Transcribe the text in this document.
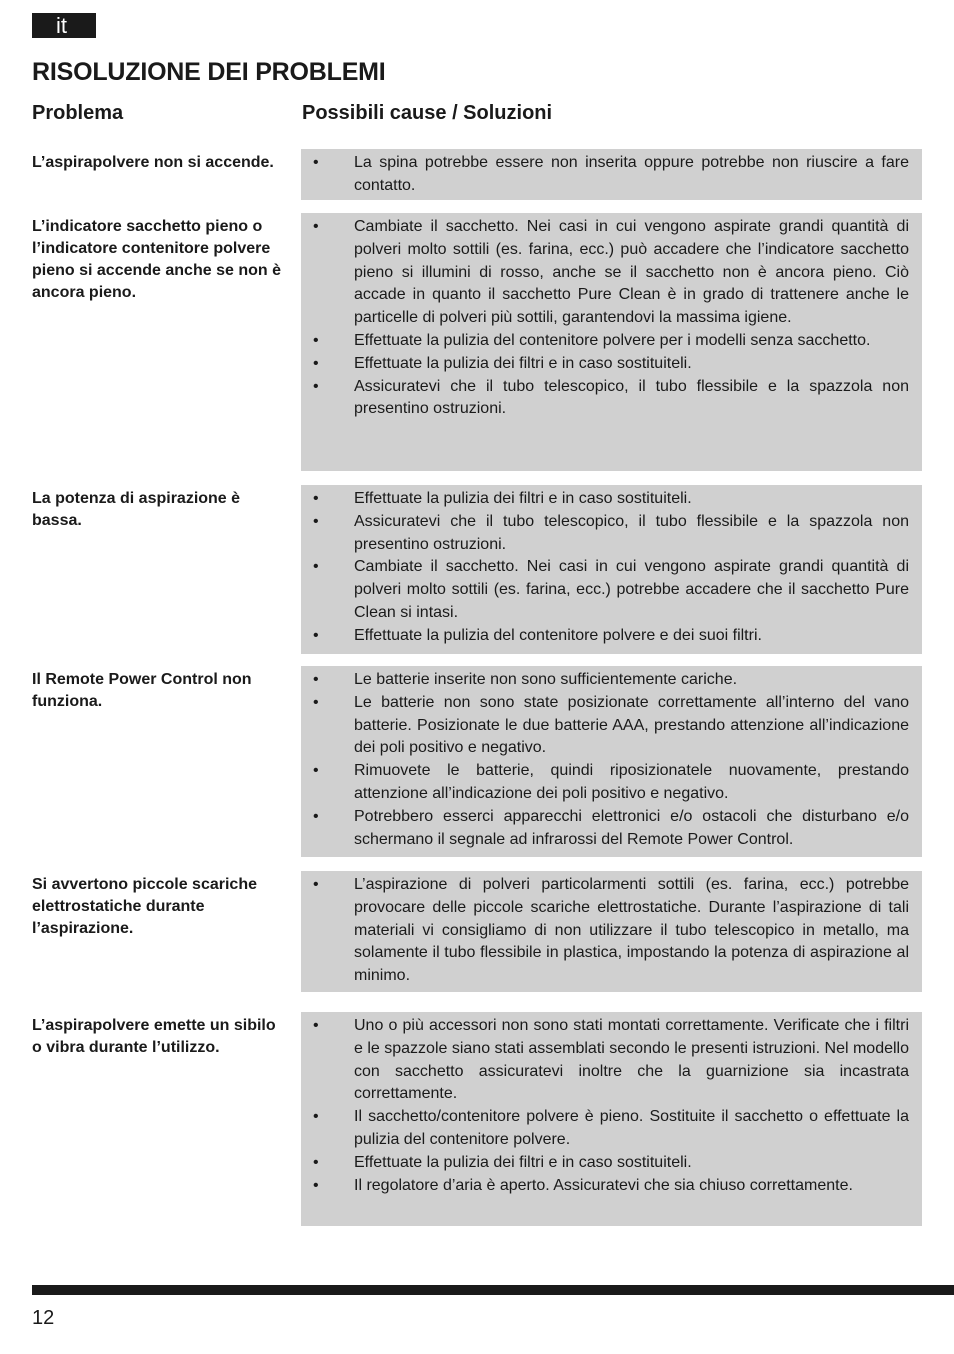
it
RISOLUZIONE DEI PROBLEMI
Problema	Possibili cause / Soluzioni
L’aspirapolvere non si accende.	• La spina potrebbe essere non inserita oppure potrebbe non riuscire a fare contatto.
L’indicatore sacchetto pieno o l’indicatore contenitore polvere pieno si accende anche se non è ancora pieno.
• Cambiate il sacchetto. Nei casi in cui vengono aspirate grandi quantità di polveri molto sottili (es. farina, ecc.) può accadere che l’indicatore sacchetto pieno si illumini di rosso, anche se il sacchetto non è ancora pieno. Ciò accade in quanto il sacchetto Pure Clean è in grado di trattenere anche le particelle di polveri più sottili, garantendovi la massima igiene.
• Effettuate la pulizia del contenitore polvere per i modelli senza sacchetto.
• Effettuate la pulizia dei filtri e in caso sostituiteli.
• Assicuratevi che il tubo telescopico, il tubo flessibile e la spazzola non presentino ostruzioni.
La potenza di aspirazione è bassa.
• Effettuate la pulizia dei filtri e in caso sostituiteli.
• Assicuratevi che il tubo telescopico, il tubo flessibile e la spazzola non presentino ostruzioni.
• Cambiate il sacchetto. Nei casi in cui vengono aspirate grandi quantità di polveri molto sottili (es. farina, ecc.) potrebbe accadere che il sacchetto Pure Clean si intasi.
• Effettuate la pulizia del contenitore polvere e dei suoi filtri.
Il Remote Power Control non funziona.
• Le batterie inserite non sono sufficientemente cariche.
• Le batterie non sono state posizionate correttamente all’interno del vano batterie. Posizionate le due batterie AAA, prestando attenzione all’indicazione dei poli positivo e negativo.
• Rimuovete le batterie, quindi riposizionatele nuovamente, prestando attenzione all’indicazione dei poli positivo e negativo.
• Potrebbero esserci apparecchi elettronici e/o ostacoli che disturbano e/o schermano il segnale ad infrarossi del Remote Power Control.
Si avvertono piccole scariche elettrostatiche durante l’aspirazione.
• L’aspirazione di polveri particolarmenti sottili (es. farina, ecc.) potrebbe provocare delle piccole scariche elettrostatiche. Durante l’aspirazione di tali materiali vi consigliamo di non utilizzare il tubo telescopico in metallo, ma solamente il tubo flessibile in plastica, impostando la potenza di aspirazione al minimo.
L’aspirapolvere emette un sibilo o vibra durante l’utilizzo.
• Uno o più accessori non sono stati montati correttamente. Verificate che i filtri e le spazzole siano stati assemblati secondo le presenti istruzioni. Nel modello con sacchetto assicuratevi inoltre che la guarnizione sia incastrata correttamente.
• Il sacchetto/contenitore polvere è pieno. Sostituite il sacchetto o effettuate la pulizia del contenitore polvere.
• Effettuate la pulizia dei filtri e in caso sostituiteli.
• Il regolatore d’aria è aperto. Assicuratevi che sia chiuso correttamente.
12
